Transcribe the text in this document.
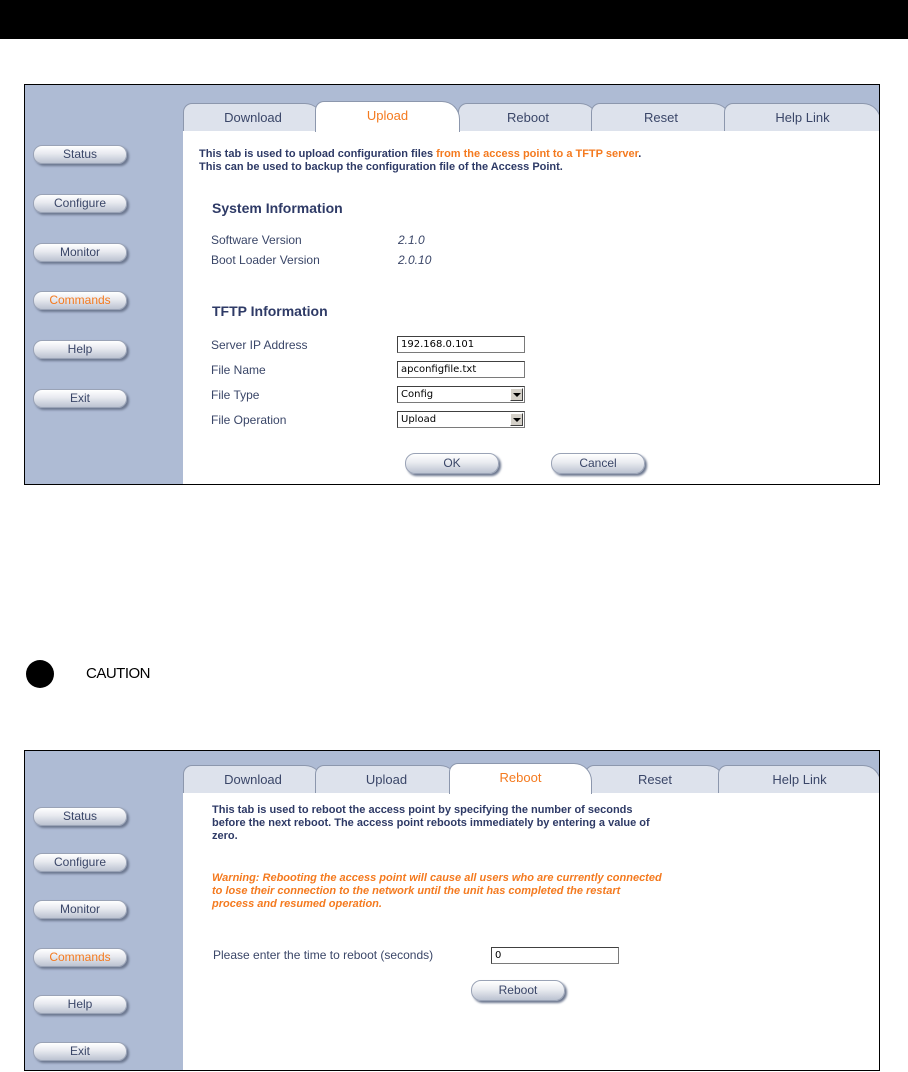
Status
Configure
Monitor
Commands
Help
Exit
Download	Upload	Reboot	Reset	Help Link
This tab is used to upload configuration files from the access point to a TFTP server.
This can be used to backup the configuration file of the Access Point.
System Information
Software Version	2.1.0
Boot Loader Version	2.0.10
TFTP Information
Server IP Address	192.168.0.101
File Name	apconfigfile.txt
File Type	Config
File Operation	Upload
OK	Cancel
CAUTION
Status
Configure
Monitor
Commands
Help
Exit
Download	Upload	Reboot	Reset	Help Link
This tab is used to reboot the access point by specifying the number of seconds
before the next reboot. The access point reboots immediately by entering a value of
zero.
Warning: Rebooting the access point will cause all users who are currently connected
to lose their connection to the network until the unit has completed the restart
process and resumed operation.
Please enter the time to reboot (seconds)	0
Reboot
